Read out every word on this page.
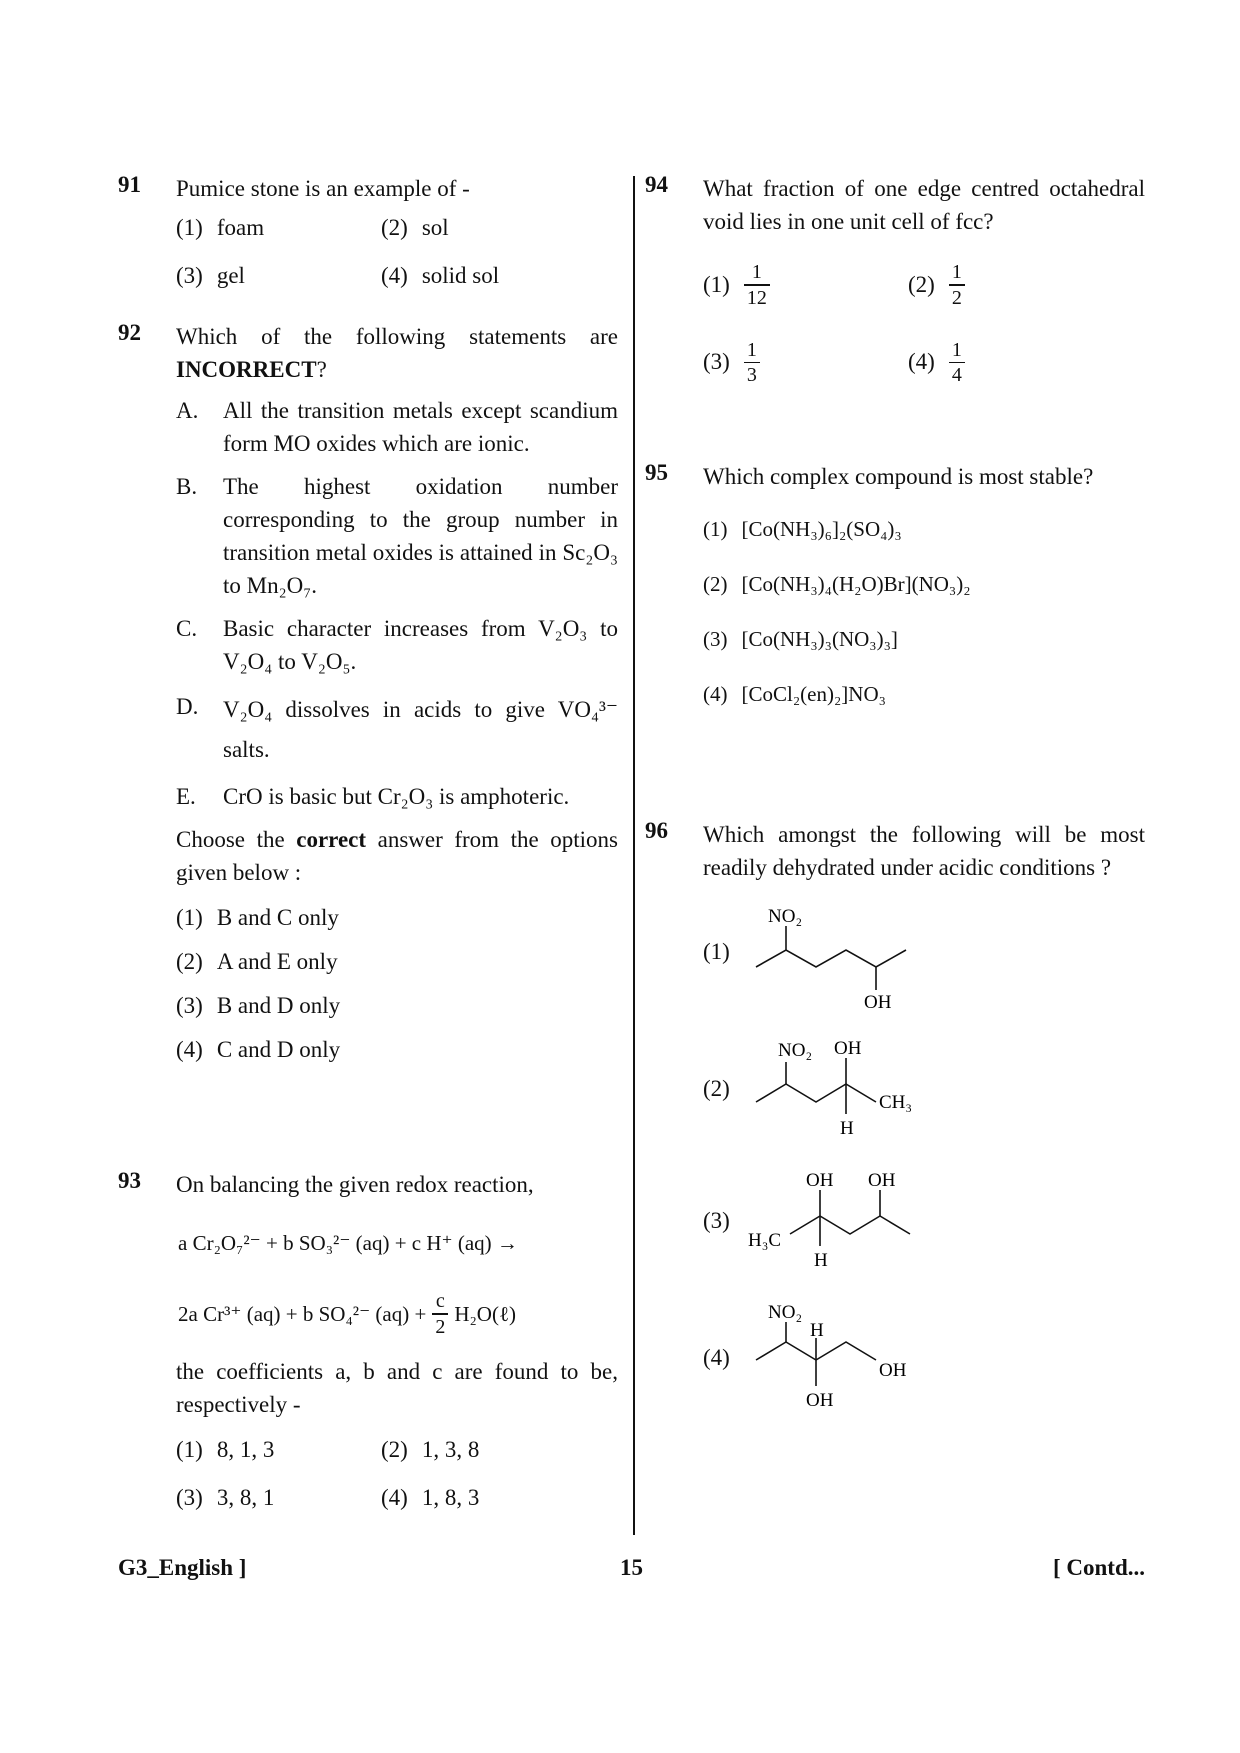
91 Pumice stone is an example of -
(1) foam	(2) sol
(3) gel	(4) solid sol
92 Which of the following statements are INCORRECT?
A.	All the transition metals except scandium form MO oxides which are ionic.
B.	The highest oxidation number corresponding to the group number in transition metal oxides is attained in Sc₂O₃ to Mn₂O₇.
C.	Basic character increases from V₂O₃ to V₂O₄ to V₂O₅.
D.	V₂O₄ dissolves in acids to give VO₄³⁻ salts.
E.	CrO is basic but Cr₂O₃ is amphoteric.
Choose the correct answer from the options given below :
(1) B and C only
(2) A and E only
(3) B and D only
(4) C and D only
93 On balancing the given redox reaction,
a Cr₂O₇²⁻ + b SO₃²⁻ (aq) + c H⁺ (aq) →
2a Cr³⁺ (aq) + b SO₄²⁻ $(aq) + \frac{c}{2}$ H₂O(ℓ)
the coefficients a, b and c are found to be, respectively -
(1) 8, 1, 3	(2) 1, 3, 8
(3) 3, 8, 1	(4) 1, 8, 3
94 What fraction of one edge centred octahedral void lies in one unit cell of fcc?
$(1) \frac{1}{12}$	$(2) \frac{1}{2}$
$(3) \frac{1}{3}$	$(4) \frac{1}{4}$
95 Which complex compound is most stable?
(1) [Co(NH₃)₆]₂(SO₄)₃
(2) [Co(NH₃)₄(H₂O)Br](NO₃)₂
(3) [Co(NH₃)₃(NO₃)₃]
(4) [CoCl₂(en)₂]NO₃
96 Which amongst the following will be most readily dehydrated under acidic conditions ?
(1)
NO₂
OH
(2)
NO₂ OH
CH₃
H
(3)
OH OH
H₃C
H
(4)
NO₂
H
OH
OH
G3_English ]	15	[ Contd...
